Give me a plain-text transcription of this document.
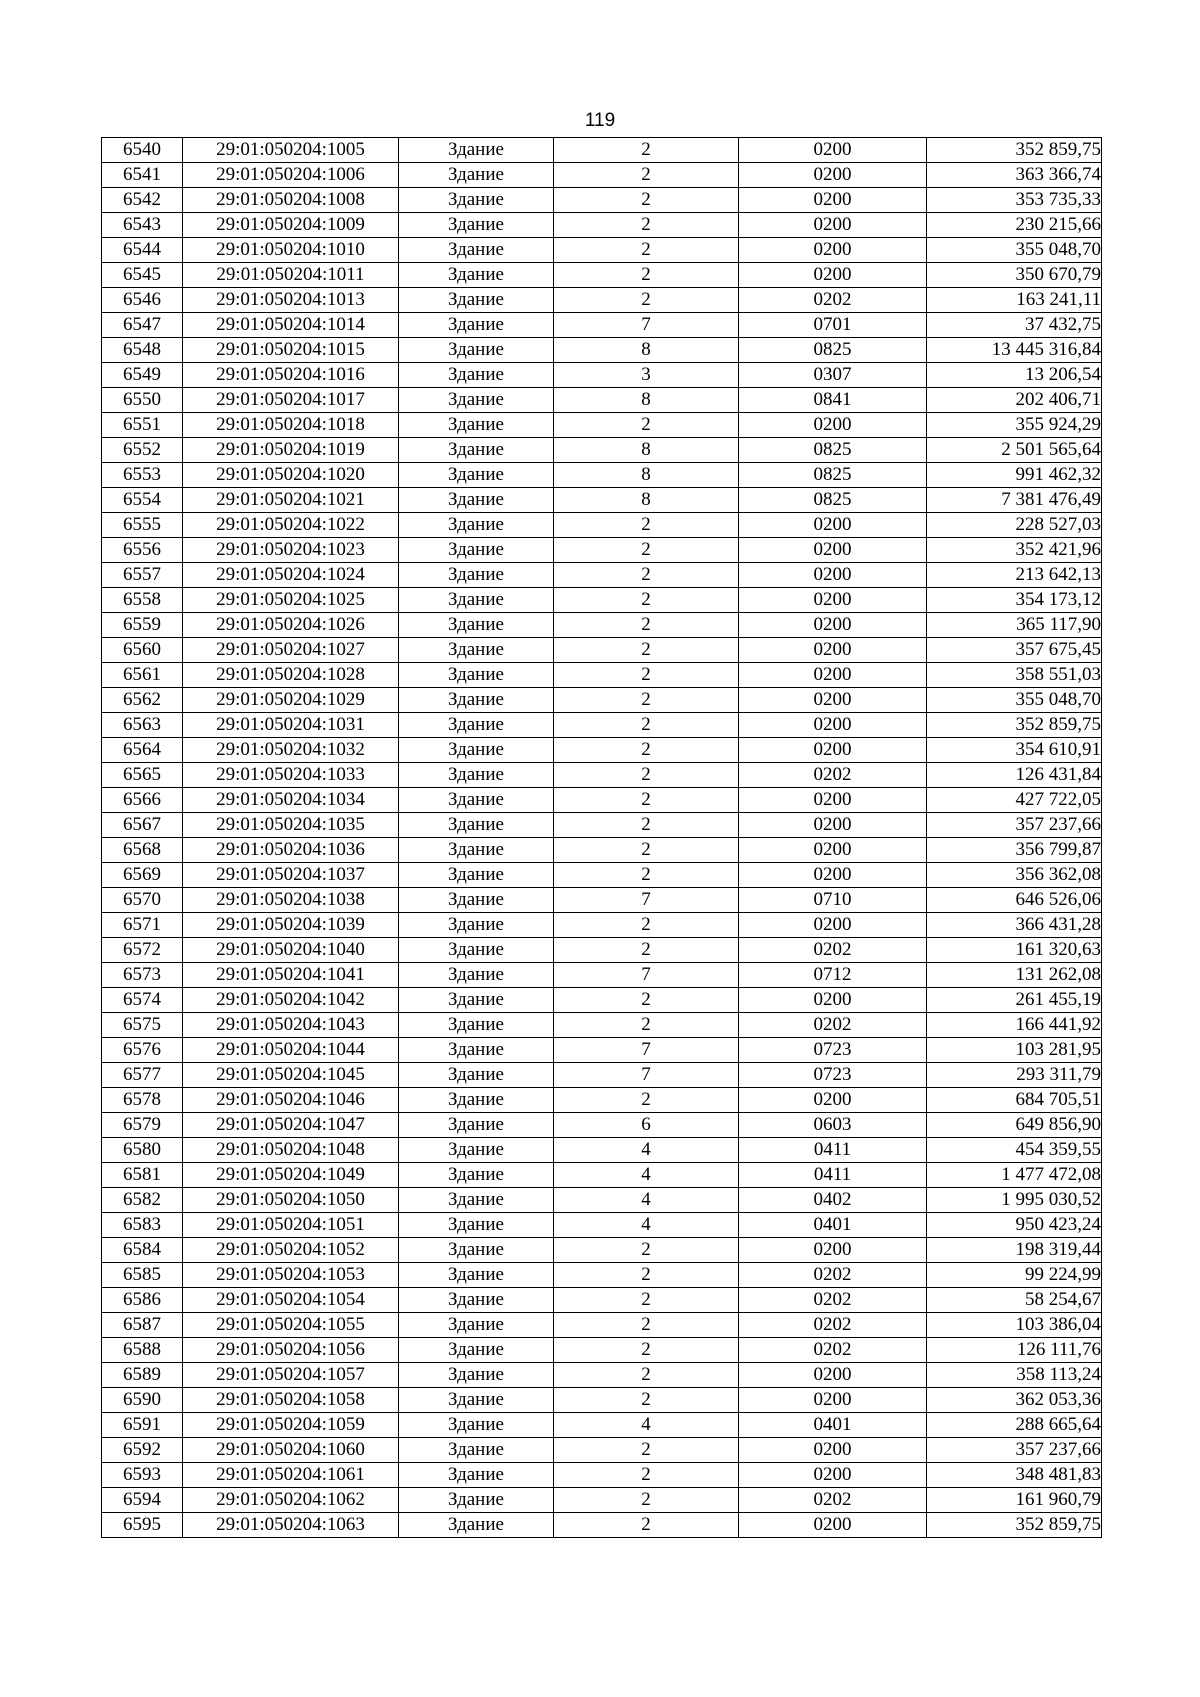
119
6540	29:01:050204:1005	Здание	2	0200	352 859,75
6541	29:01:050204:1006	Здание	2	0200	363 366,74
6542	29:01:050204:1008	Здание	2	0200	353 735,33
6543	29:01:050204:1009	Здание	2	0200	230 215,66
6544	29:01:050204:1010	Здание	2	0200	355 048,70
6545	29:01:050204:1011	Здание	2	0200	350 670,79
6546	29:01:050204:1013	Здание	2	0202	163 241,11
6547	29:01:050204:1014	Здание	7	0701	37 432,75
6548	29:01:050204:1015	Здание	8	0825	13 445 316,84
6549	29:01:050204:1016	Здание	3	0307	13 206,54
6550	29:01:050204:1017	Здание	8	0841	202 406,71
6551	29:01:050204:1018	Здание	2	0200	355 924,29
6552	29:01:050204:1019	Здание	8	0825	2 501 565,64
6553	29:01:050204:1020	Здание	8	0825	991 462,32
6554	29:01:050204:1021	Здание	8	0825	7 381 476,49
6555	29:01:050204:1022	Здание	2	0200	228 527,03
6556	29:01:050204:1023	Здание	2	0200	352 421,96
6557	29:01:050204:1024	Здание	2	0200	213 642,13
6558	29:01:050204:1025	Здание	2	0200	354 173,12
6559	29:01:050204:1026	Здание	2	0200	365 117,90
6560	29:01:050204:1027	Здание	2	0200	357 675,45
6561	29:01:050204:1028	Здание	2	0200	358 551,03
6562	29:01:050204:1029	Здание	2	0200	355 048,70
6563	29:01:050204:1031	Здание	2	0200	352 859,75
6564	29:01:050204:1032	Здание	2	0200	354 610,91
6565	29:01:050204:1033	Здание	2	0202	126 431,84
6566	29:01:050204:1034	Здание	2	0200	427 722,05
6567	29:01:050204:1035	Здание	2	0200	357 237,66
6568	29:01:050204:1036	Здание	2	0200	356 799,87
6569	29:01:050204:1037	Здание	2	0200	356 362,08
6570	29:01:050204:1038	Здание	7	0710	646 526,06
6571	29:01:050204:1039	Здание	2	0200	366 431,28
6572	29:01:050204:1040	Здание	2	0202	161 320,63
6573	29:01:050204:1041	Здание	7	0712	131 262,08
6574	29:01:050204:1042	Здание	2	0200	261 455,19
6575	29:01:050204:1043	Здание	2	0202	166 441,92
6576	29:01:050204:1044	Здание	7	0723	103 281,95
6577	29:01:050204:1045	Здание	7	0723	293 311,79
6578	29:01:050204:1046	Здание	2	0200	684 705,51
6579	29:01:050204:1047	Здание	6	0603	649 856,90
6580	29:01:050204:1048	Здание	4	0411	454 359,55
6581	29:01:050204:1049	Здание	4	0411	1 477 472,08
6582	29:01:050204:1050	Здание	4	0402	1 995 030,52
6583	29:01:050204:1051	Здание	4	0401	950 423,24
6584	29:01:050204:1052	Здание	2	0200	198 319,44
6585	29:01:050204:1053	Здание	2	0202	99 224,99
6586	29:01:050204:1054	Здание	2	0202	58 254,67
6587	29:01:050204:1055	Здание	2	0202	103 386,04
6588	29:01:050204:1056	Здание	2	0202	126 111,76
6589	29:01:050204:1057	Здание	2	0200	358 113,24
6590	29:01:050204:1058	Здание	2	0200	362 053,36
6591	29:01:050204:1059	Здание	4	0401	288 665,64
6592	29:01:050204:1060	Здание	2	0200	357 237,66
6593	29:01:050204:1061	Здание	2	0200	348 481,83
6594	29:01:050204:1062	Здание	2	0202	161 960,79
6595	29:01:050204:1063	Здание	2	0200	352 859,75
